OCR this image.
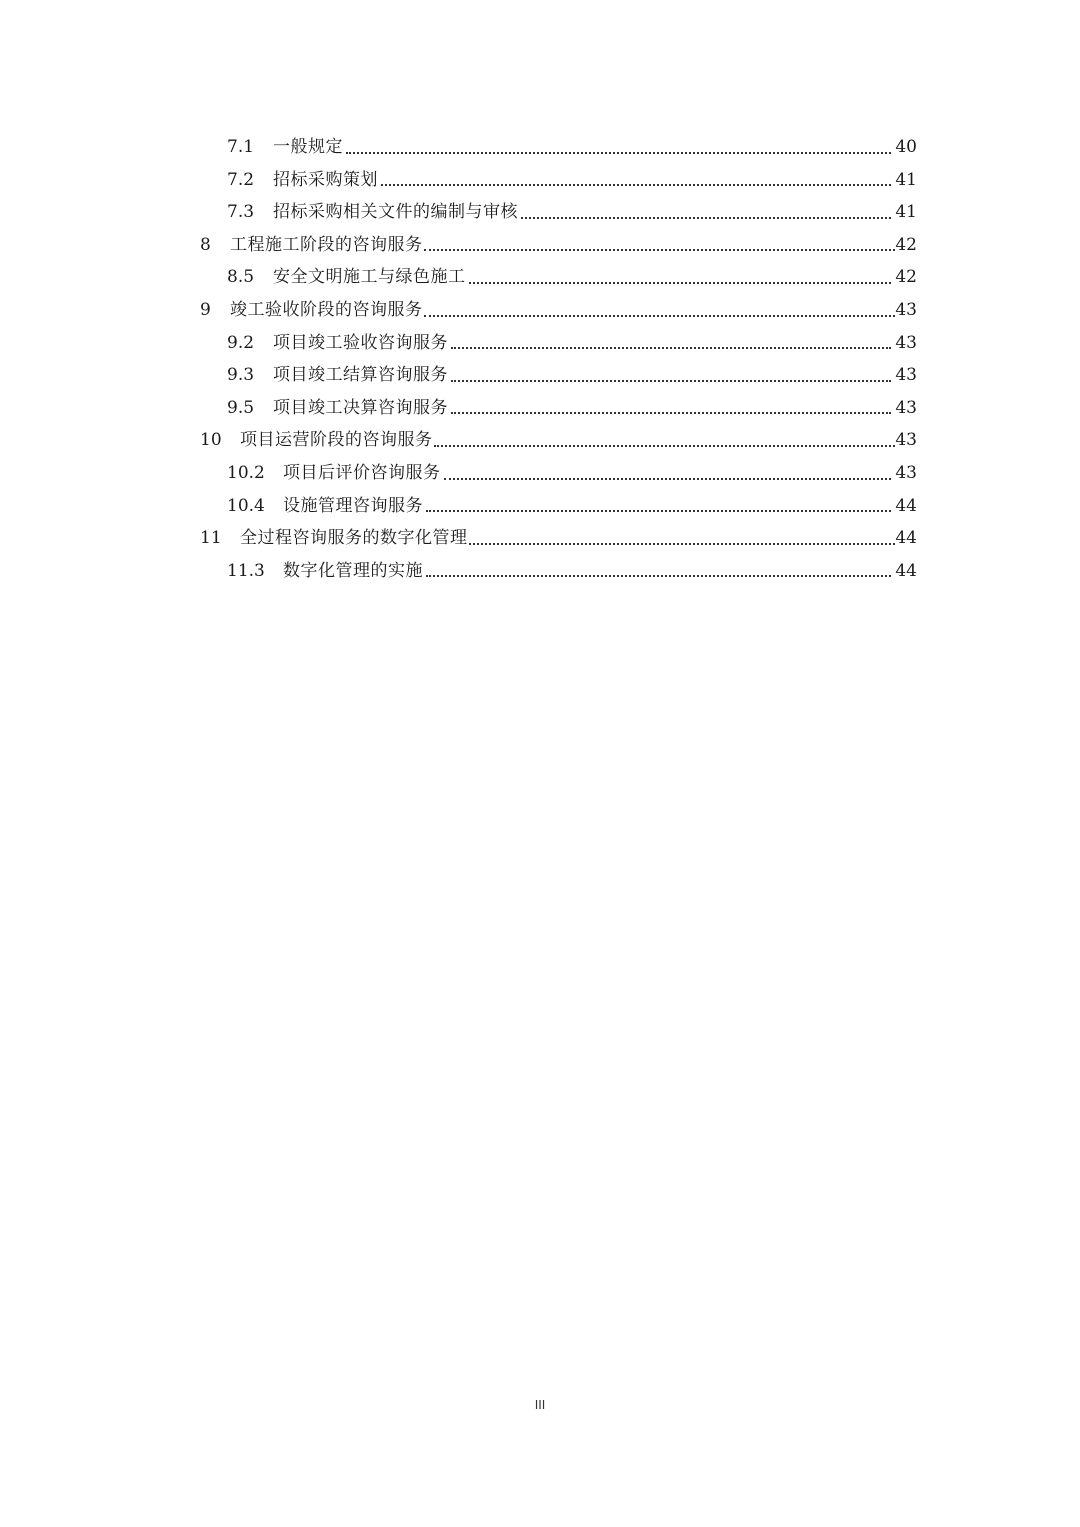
7.1	一般规定	40
7.2	招标采购策划	41
7.3	招标采购相关文件的编制与审核	41
8	工程施工阶段的咨询服务	42
8.5	安全文明施工与绿色施工	42
9	竣工验收阶段的咨询服务	43
9.2	项目竣工验收咨询服务	43
9.3	项目竣工结算咨询服务	43
9.5	项目竣工决算咨询服务	43
10	项目运营阶段的咨询服务	43
10.2	项目后评价咨询服务	43
10.4	设施管理咨询服务	44
11	全过程咨询服务的数字化管理	44
11.3	数字化管理的实施	44
III
